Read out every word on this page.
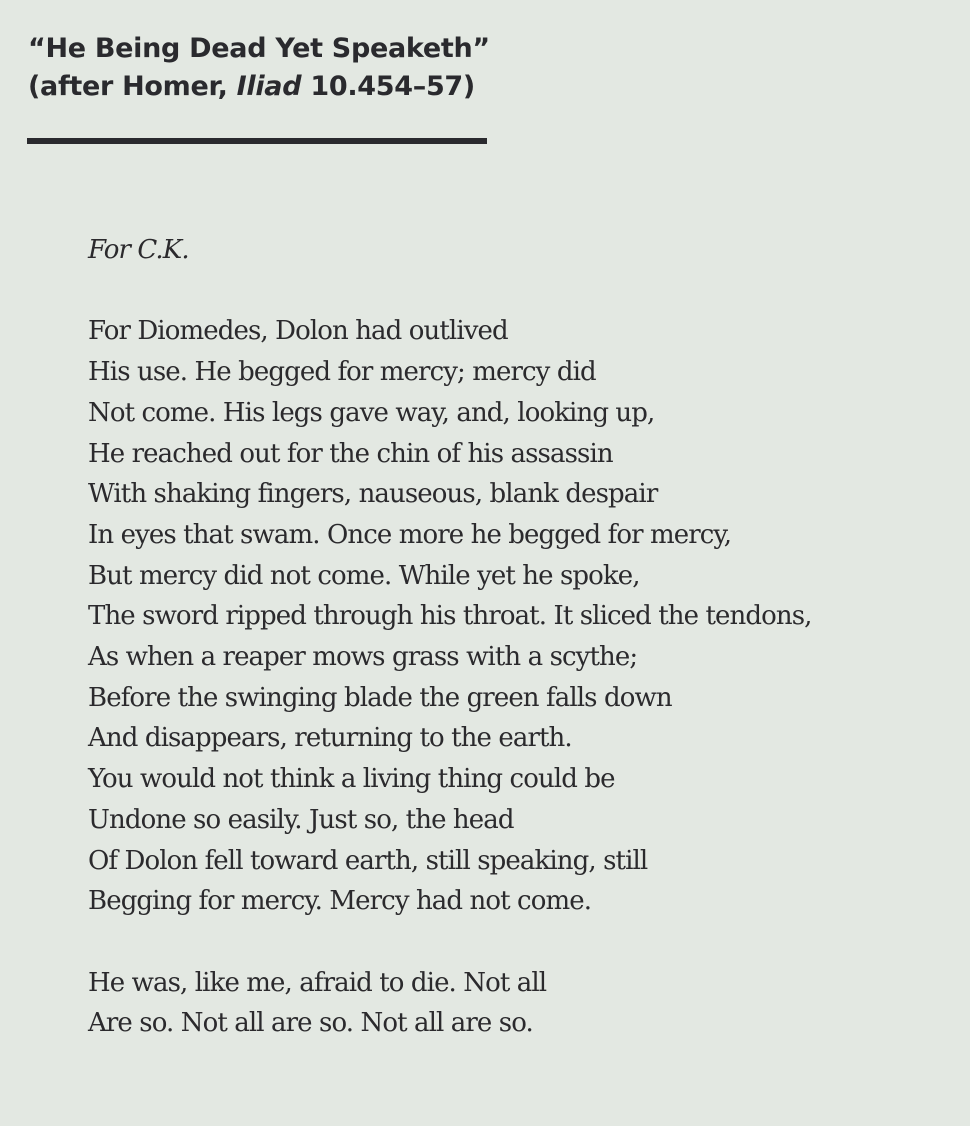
“He Being Dead Yet Speaketh”
(after Homer, Iliad 10.454–57)
For C.K.
For Diomedes, Dolon had outlived
His use. He begged for mercy; mercy did
Not come. His legs gave way, and, looking up,
He reached out for the chin of his assassin
With shaking fingers, nauseous, blank despair
In eyes that swam. Once more he begged for mercy,
But mercy did not come. While yet he spoke,
The sword ripped through his throat. It sliced the tendons,
As when a reaper mows grass with a scythe;
Before the swinging blade the green falls down
And disappears, returning to the earth.
You would not think a living thing could be
Undone so easily. Just so, the head
Of Dolon fell toward earth, still speaking, still
Begging for mercy. Mercy had not come.
He was, like me, afraid to die. Not all
Are so. Not all are so. Not all are so.
